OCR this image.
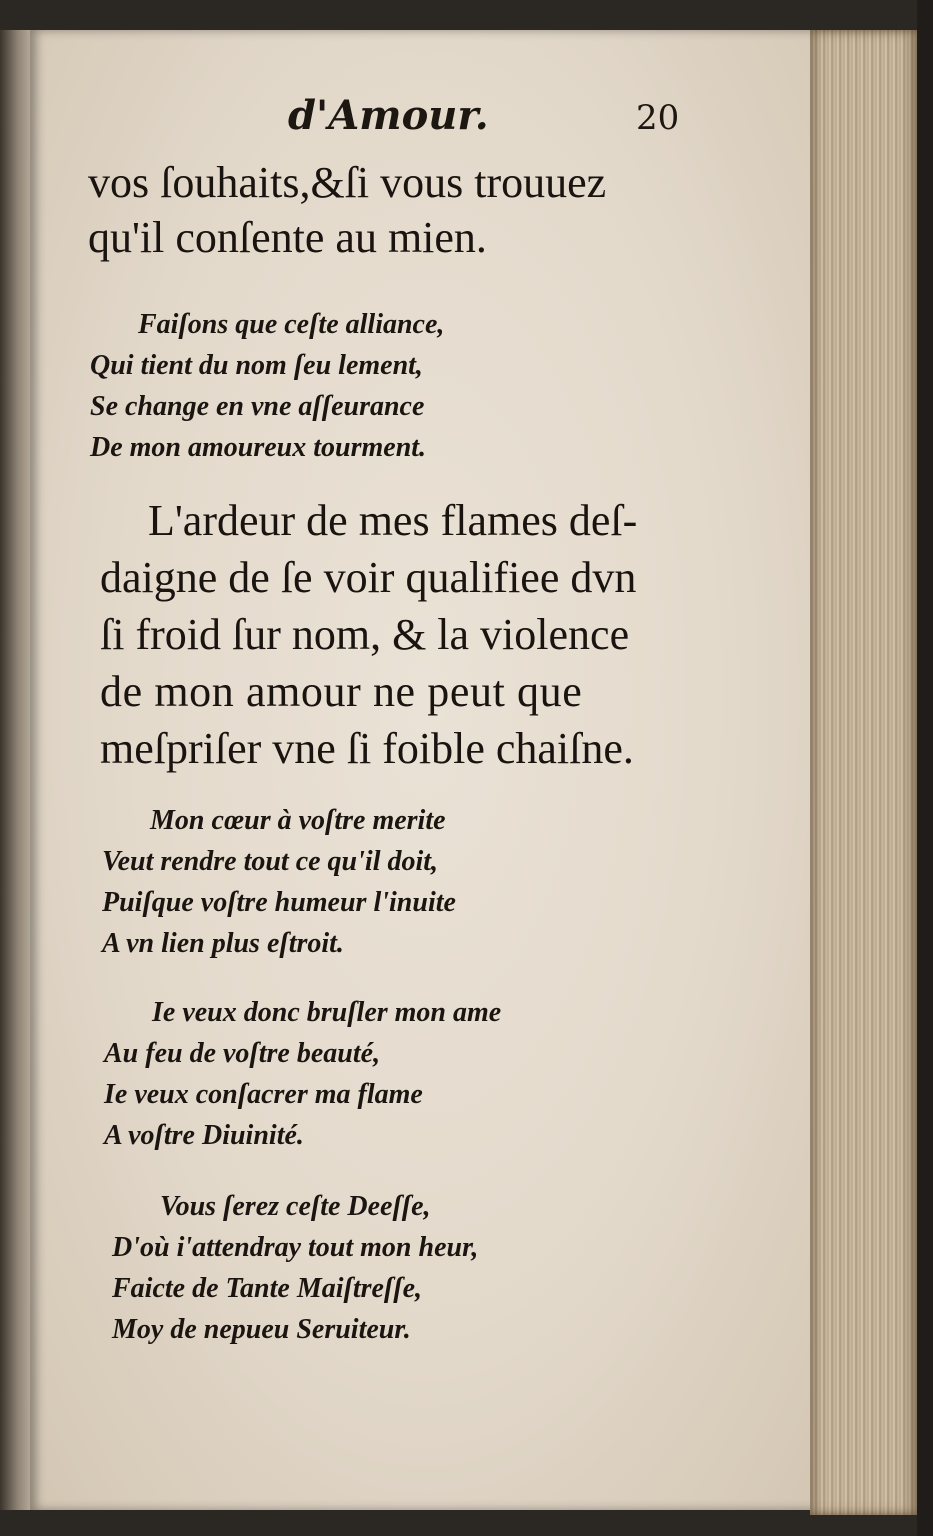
d'Amour.	20

vos ſouhaits,&ſi vous trouuez
qu'il conſente au mien.

Faiſons que ceſte alliance,
Qui tient du nom ſeu lement,
Se change en vne aſſeurance
De mon amoureux tourment.

L'ardeur de mes flames deſ-
daigne de ſe voir qualifiee dvn
ſi froid ſur nom, & la violence
de mon amour ne peut que
meſpriſer vne ſi foible chaiſne.

Mon cœur à voſtre merite
Veut rendre tout ce qu'il doit,
Puiſque voſtre humeur l'inuite
A vn lien plus eſtroit.

Ie veux donc bruſler mon ame
Au feu de voſtre beauté,
Ie veux conſacrer ma flame
A voſtre Diuinité.

Vous ſerez ceſte Deeſſe,
D'où i'attendray tout mon heur,
Faicte de Tante Maiſtreſſe,
Moy de nepueu Seruiteur.
